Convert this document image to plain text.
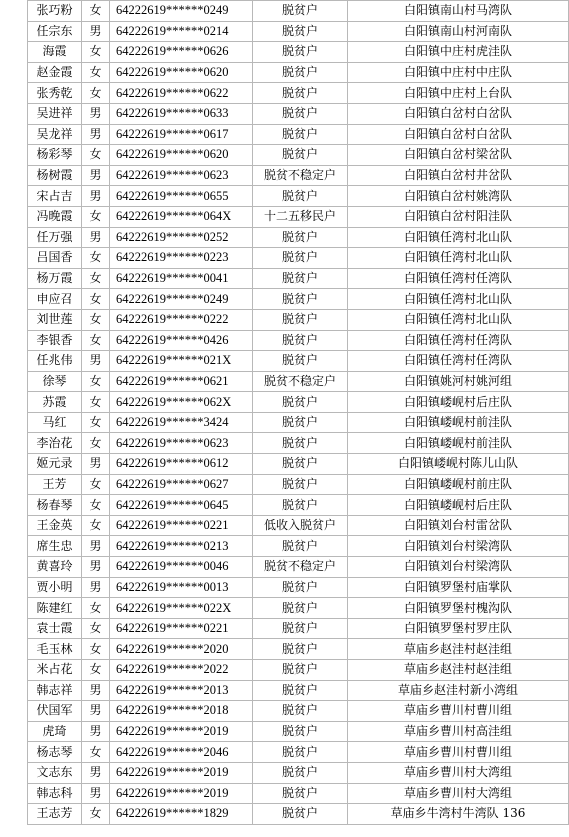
张巧粉	女	64222619******0249	脱贫户	白阳镇南山村马湾队
任宗东	男	64222619******0214	脱贫户	白阳镇南山村河南队
海霞	女	64222619******0626	脱贫户	白阳镇中庄村虎洼队
赵金霞	女	64222619******0620	脱贫户	白阳镇中庄村中庄队
张秀乾	女	64222619******0622	脱贫户	白阳镇中庄村上台队
吴进祥	男	64222619******0633	脱贫户	白阳镇白岔村白岔队
吴龙祥	男	64222619******0617	脱贫户	白阳镇白岔村白岔队
杨彩琴	女	64222619******0620	脱贫户	白阳镇白岔村梁岔队
杨树霞	男	64222619******0623	脱贫不稳定户	白阳镇白岔村井岔队
宋占吉	男	64222619******0655	脱贫户	白阳镇白岔村姚湾队
冯晚霞	女	64222619******064X	十二五移民户	白阳镇白岔村阳洼队
任万强	男	64222619******0252	脱贫户	白阳镇任湾村北山队
吕国香	女	64222619******0223	脱贫户	白阳镇任湾村北山队
杨万霞	女	64222619******0041	脱贫户	白阳镇任湾村任湾队
申应召	女	64222619******0249	脱贫户	白阳镇任湾村北山队
刘世莲	女	64222619******0222	脱贫户	白阳镇任湾村北山队
李银香	女	64222619******0426	脱贫户	白阳镇任湾村任湾队
任兆伟	男	64222619******021X	脱贫户	白阳镇任湾村任湾队
徐琴	女	64222619******0621	脱贫不稳定户	白阳镇姚河村姚河组
苏霞	女	64222619******062X	脱贫户	白阳镇嵝岘村后庄队
马红	女	64222619******3424	脱贫户	白阳镇嵝岘村前洼队
李治花	女	64222619******0623	脱贫户	白阳镇嵝岘村前洼队
姬元录	男	64222619******0612	脱贫户	白阳镇嵝岘村陈儿山队
王芳	女	64222619******0627	脱贫户	白阳镇嵝岘村前庄队
杨春琴	女	64222619******0645	脱贫户	白阳镇嵝岘村后庄队
王金英	女	64222619******0221	低收入脱贫户	白阳镇刘台村雷岔队
席生忠	男	64222619******0213	脱贫户	白阳镇刘台村梁湾队
黄喜玲	男	64222619******0046	脱贫不稳定户	白阳镇刘台村梁湾队
贾小明	男	64222619******0013	脱贫户	白阳镇罗堡村庙掌队
陈建红	女	64222619******022X	脱贫户	白阳镇罗堡村槐沟队
袁士霞	女	64222619******0221	脱贫户	白阳镇罗堡村罗庄队
毛玉林	女	64222619******2020	脱贫户	草庙乡赵洼村赵洼组
米占花	女	64222619******2022	脱贫户	草庙乡赵洼村赵洼组
韩志祥	男	64222619******2013	脱贫户	草庙乡赵洼村新小湾组
伏国军	男	64222619******2018	脱贫户	草庙乡曹川村曹川组
虎琦	男	64222619******2019	脱贫户	草庙乡曹川村高洼组
杨志琴	女	64222619******2046	脱贫户	草庙乡曹川村曹川组
文志东	男	64222619******2019	脱贫户	草庙乡曹川村大湾组
韩志科	男	64222619******2019	脱贫户	草庙乡曹川村大湾组
王志芳	女	64222619******1829	脱贫户	草庙乡牛湾村牛湾队 136
